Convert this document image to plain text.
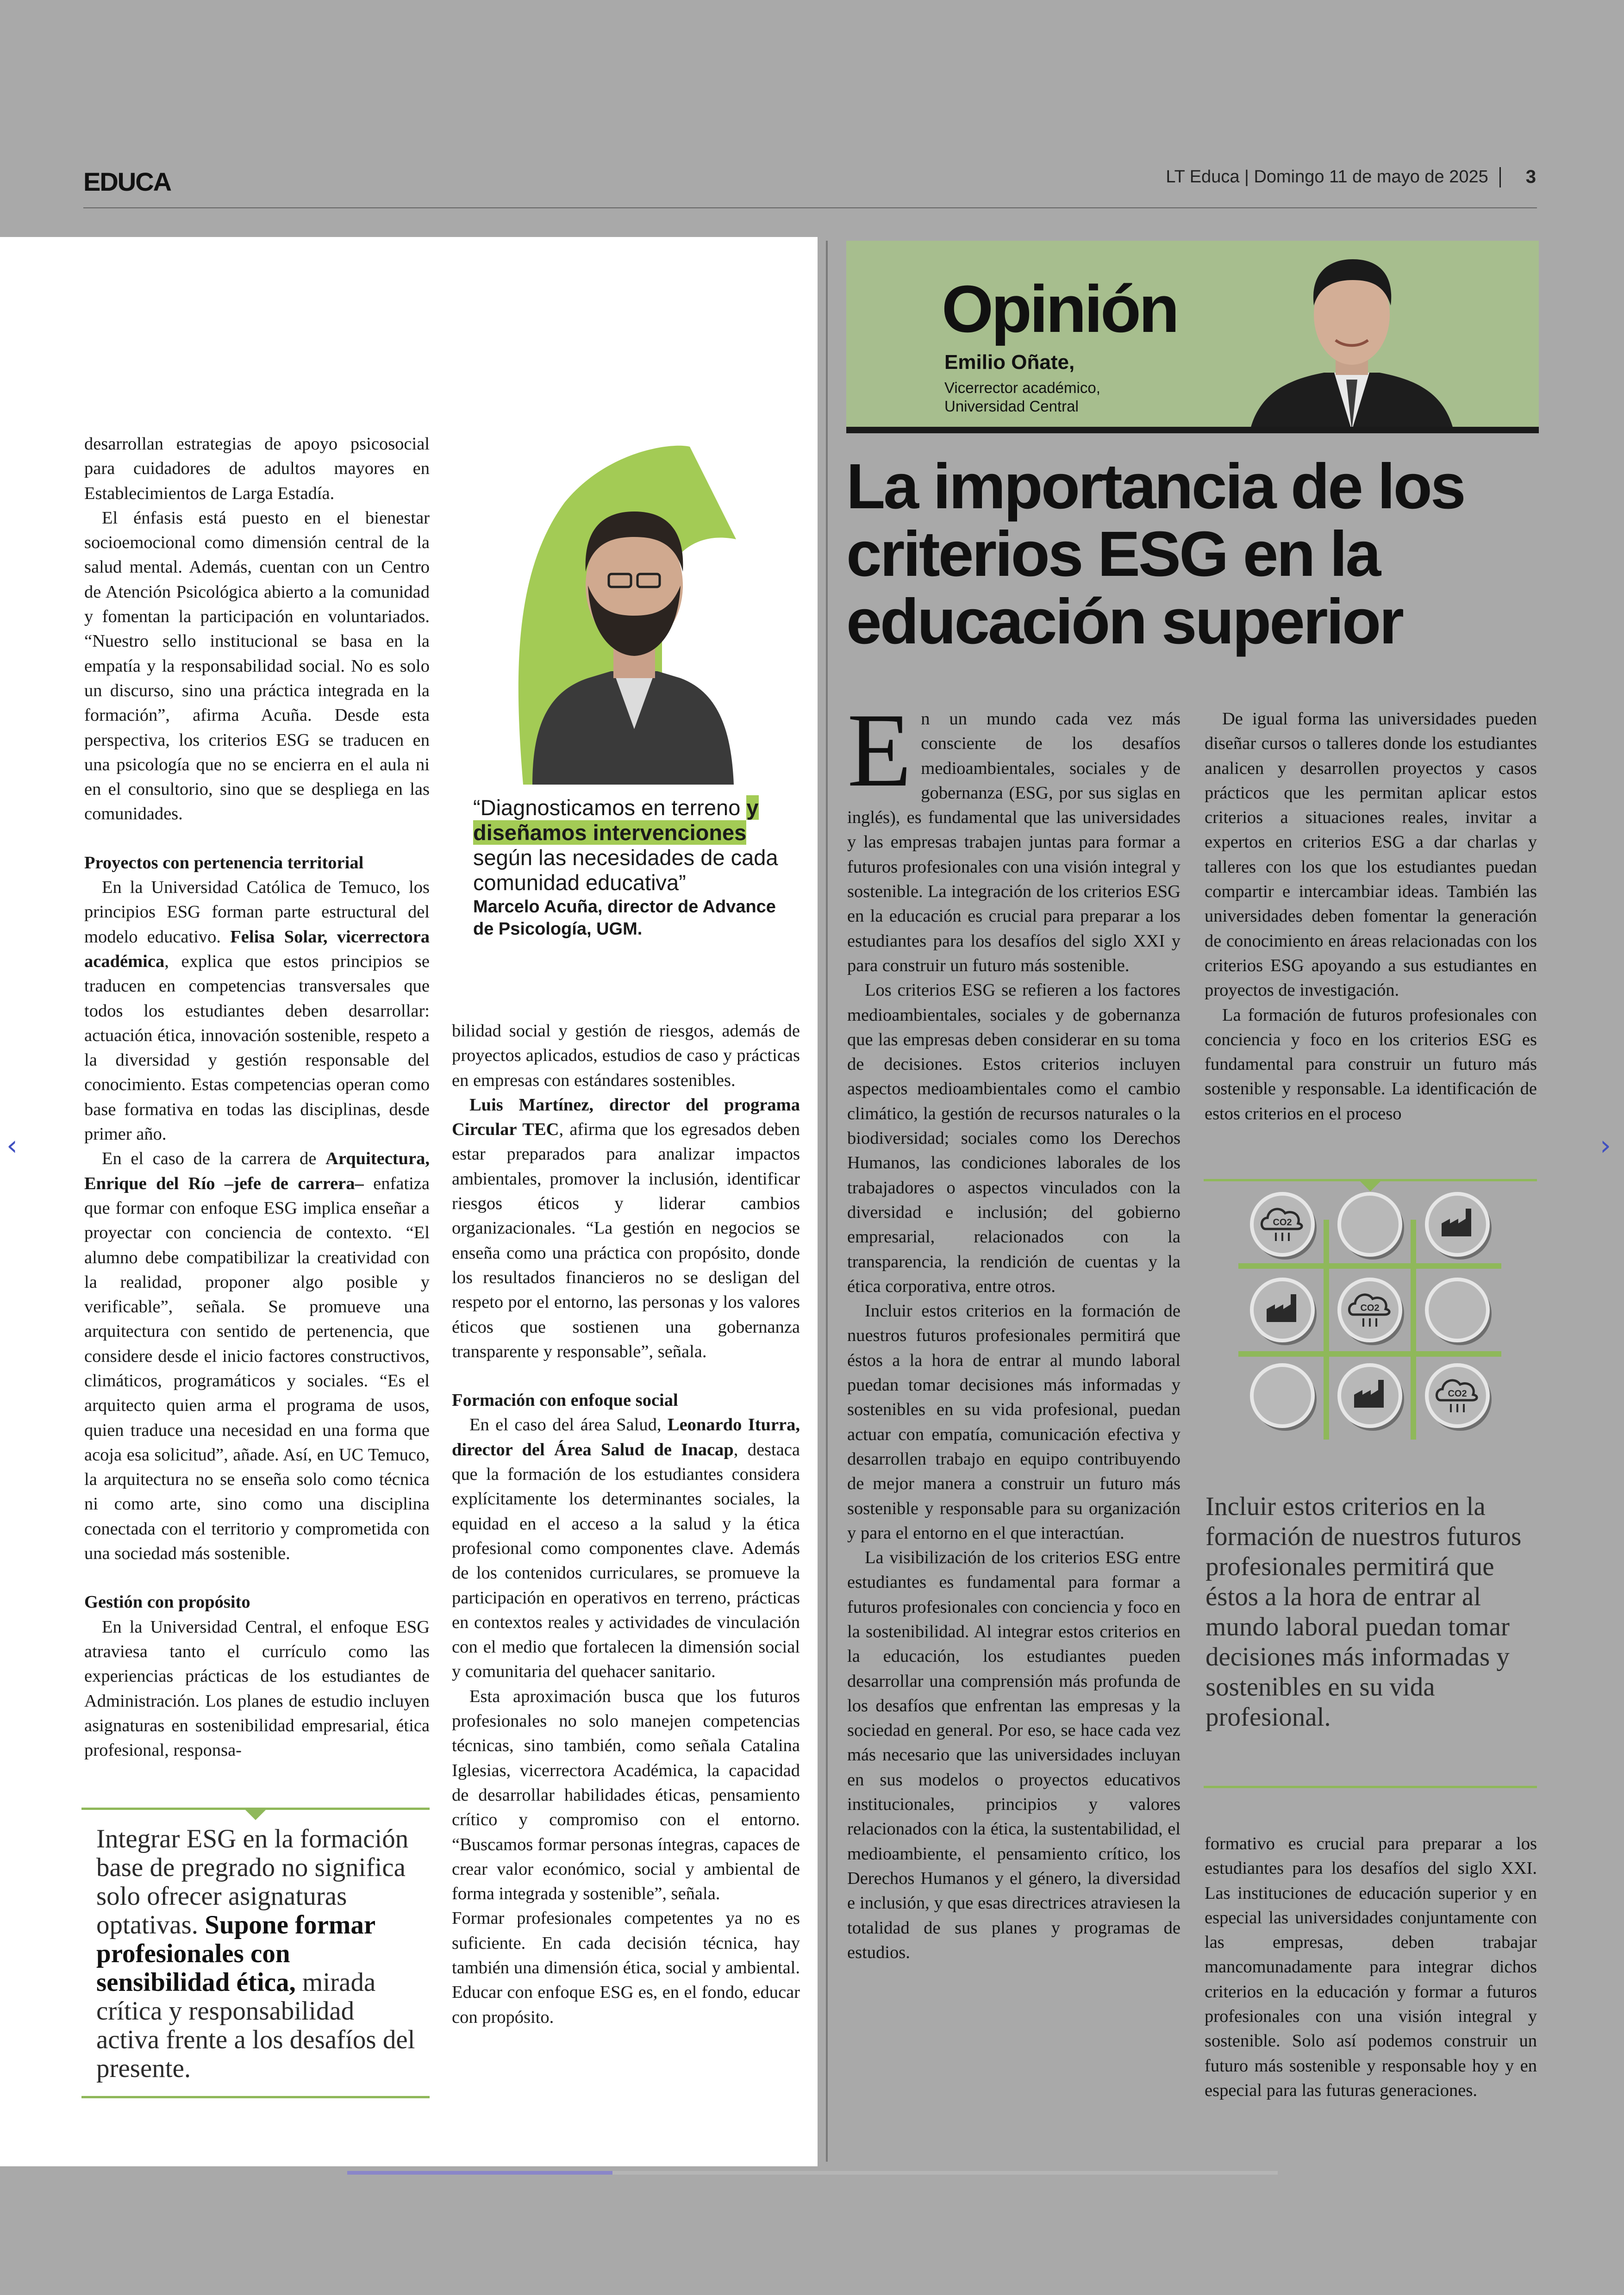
EDUCA	LT Educa | Domingo 11 de mayo de 2025 3

desarrollan estrategias de apoyo psicosocial para cuidadores de adultos mayores en Establecimientos de Larga Estadía.

El énfasis está puesto en el bienestar socioemocional como dimensión central de la salud mental. Además, cuentan con un Centro de Atención Psicológica abierto a la comunidad y fomentan la participación en voluntariados. “Nuestro sello institucional se basa en la empatía y la responsabilidad social. No es solo un discurso, sino una práctica integrada en la formación”, afirma Acuña. Desde esta perspectiva, los criterios ESG se traducen en una psicología que no se encierra en el aula ni en el consultorio, sino que se despliega en las comunidades.

Proyectos con pertenencia territorial

En la Universidad Católica de Temuco, los principios ESG forman parte estructural del modelo educativo. Felisa Solar, vicerrectora académica, explica que estos principios se traducen en competencias transversales que todos los estudiantes deben desarrollar: actuación ética, innovación sostenible, respeto a la diversidad y gestión responsable del conocimiento. Estas competencias operan como base formativa en todas las disciplinas, desde primer año.

En el caso de la carrera de Arquitectura, Enrique del Río –jefe de carrera– enfatiza que formar con enfoque ESG implica enseñar a proyectar con conciencia de contexto. “El alumno debe compatibilizar la creatividad con la realidad, proponer algo posible y verificable”, señala. Se promueve una arquitectura con sentido de pertenencia, que considere desde el inicio factores constructivos, climáticos, programáticos y sociales. “Es el arquitecto quien arma el programa de usos, quien traduce una necesidad en una forma que acoja esa solicitud”, añade. Así, en UC Temuco, la arquitectura no se enseña solo como técnica ni como arte, sino como una disciplina conectada con el territorio y comprometida con una sociedad más sostenible.

Gestión con propósito

En la Universidad Central, el enfoque ESG atraviesa tanto el currículo como las experiencias prácticas de los estudiantes de Administración. Los planes de estudio incluyen asignaturas en sostenibilidad empresarial, ética profesional, responsa-

“Diagnosticamos en terreno y diseñamos intervenciones según las necesidades de cada comunidad educativa”
Marcelo Acuña, director de Advance de Psicología, UGM.

bilidad social y gestión de riesgos, además de proyectos aplicados, estudios de caso y prácticas en empresas con estándares sostenibles.

Luis Martínez, director del programa Circular TEC, afirma que los egresados deben estar preparados para analizar impactos ambientales, promover la inclusión, identificar riesgos éticos y liderar cambios organizacionales. “La gestión en negocios se enseña como una práctica con propósito, donde los resultados financieros no se desligan del respeto por el entorno, las personas y los valores éticos que sostienen una gobernanza transparente y responsable”, señala.

Formación con enfoque social

En el caso del área Salud, Leonardo Iturra, director del Área Salud de Inacap, destaca que la formación de los estudiantes considera explícitamente los determinantes sociales, la equidad en el acceso a la salud y la ética profesional como componentes clave. Además de los contenidos curriculares, se promueve la participación en operativos en terreno, prácticas en contextos reales y actividades de vinculación con el medio que fortalecen la dimensión social y comunitaria del quehacer sanitario.

Esta aproximación busca que los futuros profesionales no solo manejen competencias técnicas, sino también, como señala Catalina Iglesias, vicerrectora Académica, la capacidad de desarrollar habilidades éticas, pensamiento crítico y compromiso con el entorno. “Buscamos formar personas íntegras, capaces de crear valor económico, social y ambiental de forma integrada y sostenible”, señala.

Formar profesionales competentes ya no es suficiente. En cada decisión técnica, hay también una dimensión ética, social y ambiental. Educar con enfoque ESG es, en el fondo, educar con propósito.

Integrar ESG en la formación base de pregrado no significa solo ofrecer asignaturas optativas. Supone formar profesionales con sensibilidad ética, mirada crítica y responsabilidad activa frente a los desafíos del presente.
Opinión
Emilio Oñate,
Vicerrector académico, Universidad Central
La importancia de los criterios ESG en la educación superior

En un mundo cada vez más consciente de los desafíos medioambientales, sociales y de gobernanza (ESG, por sus siglas en inglés), es fundamental que las universidades y las empresas trabajen juntas para formar a futuros profesionales con una visión integral y sostenible. La integración de los criterios ESG en la educación es crucial para preparar a los estudiantes para los desafíos del siglo XXI y para construir un futuro más sostenible.

Los criterios ESG se refieren a los factores medioambientales, sociales y de gobernanza que las empresas deben considerar en su toma de decisiones. Estos criterios incluyen aspectos medioambientales como el cambio climático, la gestión de recursos naturales o la biodiversidad; sociales como los Derechos Humanos, las condiciones laborales de los trabajadores o aspectos vinculados con la diversidad e inclusión; del gobierno empresarial, relacionados con la transparencia, la rendición de cuentas y la ética corporativa, entre otros.

Incluir estos criterios en la formación de nuestros futuros profesionales permitirá que éstos a la hora de entrar al mundo laboral puedan tomar decisiones más informadas y sostenibles en su vida profesional, puedan actuar con empatía, comunicación efectiva y desarrollen trabajo en equipo contribuyendo de mejor manera a construir un futuro más sostenible y responsable para su organización y para el entorno en el que interactúan.

La visibilización de los criterios ESG entre estudiantes es fundamental para formar a futuros profesionales con conciencia y foco en la sostenibilidad. Al integrar estos criterios en la educación, los estudiantes pueden desarrollar una comprensión más profunda de los desafíos que enfrentan las empresas y la sociedad en general. Por eso, se hace cada vez más necesario que las universidades incluyan en sus modelos o proyectos educativos institucionales, principios y valores relacionados con la ética, la sustentabilidad, el medioambiente, el pensamiento crítico, los Derechos Humanos y el género, la diversidad e inclusión, y que esas directrices atraviesen la totalidad de sus planes y programas de estudios.

De igual forma las universidades pueden diseñar cursos o talleres donde los estudiantes analicen y desarrollen proyectos y casos prácticos que les permitan aplicar estos criterios a situaciones reales, invitar a expertos en criterios ESG a dar charlas y talleres con los que los estudiantes puedan compartir e intercambiar ideas. También las universidades deben fomentar la generación de conocimiento en áreas relacionadas con los criterios ESG apoyando a sus estudiantes en proyectos de investigación.

La formación de futuros profesionales con conciencia y foco en los criterios ESG es fundamental para construir un futuro más sostenible y responsable. La identificación de estos criterios en el proceso

CO2
CO2
CO2
Incluir estos criterios en la formación de nuestros futuros profesionales permitirá que éstos a la hora de entrar al mundo laboral puedan tomar decisiones más informadas y sostenibles en su vida profesional.

formativo es crucial para preparar a los estudiantes para los desafíos del siglo XXI. Las instituciones de educación superior y en especial las universidades conjuntamente con las empresas, deben trabajar mancomunadamente para integrar dichos criterios en la educación y formar a futuros profesionales con una visión integral y sostenible. Solo así podemos construir un futuro más sostenible y responsable hoy y en especial para las futuras generaciones.

‹	›
